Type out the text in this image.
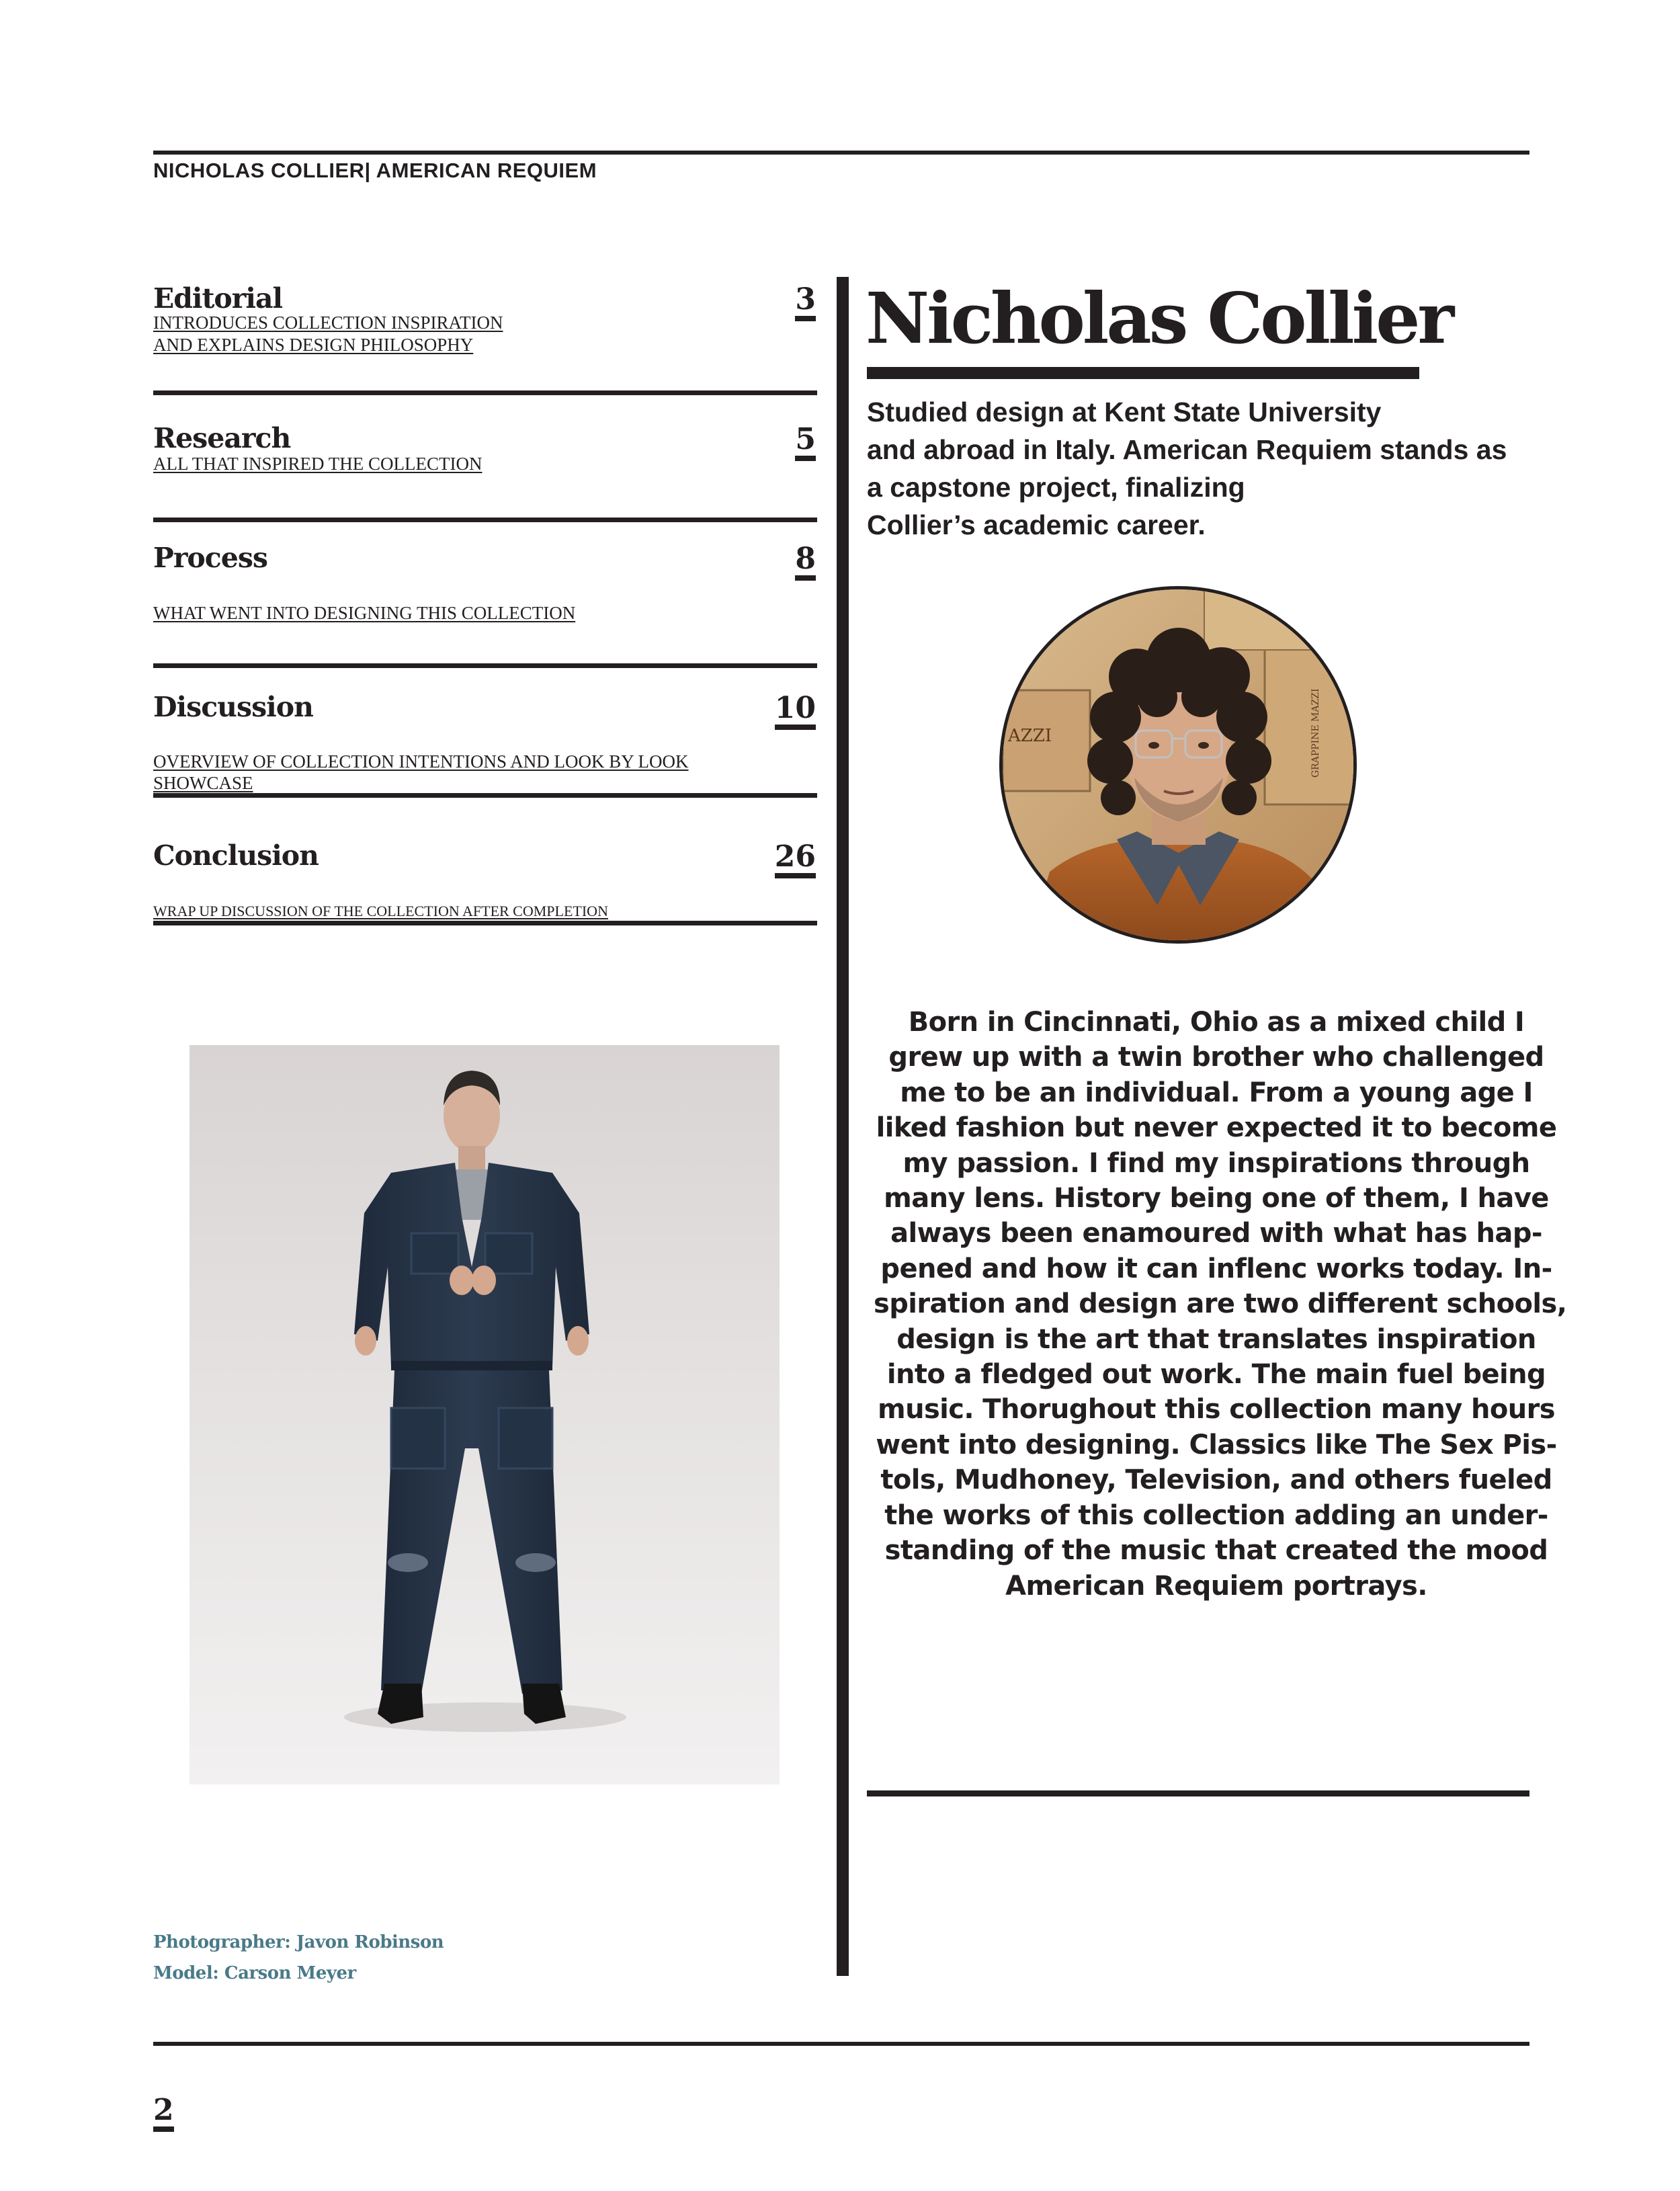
NICHOLAS COLLIER| AMERICAN REQUIEM
Editorial
INTRODUCES COLLECTION INSPIRATION
AND EXPLAINS DESIGN PHILOSOPHY
3
Research
ALL THAT INSPIRED THE COLLECTION
5
Process
WHAT WENT INTO DESIGNING THIS COLLECTION
8
Discussion
OVERVIEW OF COLLECTION INTENTIONS AND LOOK BY LOOK
SHOWCASE
10
Conclusion
WRAP UP DISCUSSION OF THE COLLECTION AFTER COMPLETION
26
Nicholas Collier
Studied design at Kent State University
and abroad in Italy. American Requiem stands as
a capstone project, finalizing
Collier’s academic career.
AZZI	GRAPPINE MAZZI
Born in Cincinnati, Ohio as a mixed child I
grew up with a twin brother who challenged
me to be an individual. From a young age I
liked fashion but never expected it to become
my passion. I find my inspirations through
many lens. History being one of them, I have
always been enamoured with what has hap-
pened and how it can inflenc works today. In-
spiration and design are two different schools,
design is the art that translates inspiration
into a fledged out work. The main fuel being
music. Thorughout this collection many hours
went into designing. Classics like The Sex Pis-
tols, Mudhoney, Television, and others fueled
the works of this collection adding an under-
standing of the music that created the mood
American Requiem portrays.
Photographer: Javon Robinson
Model: Carson Meyer
2
